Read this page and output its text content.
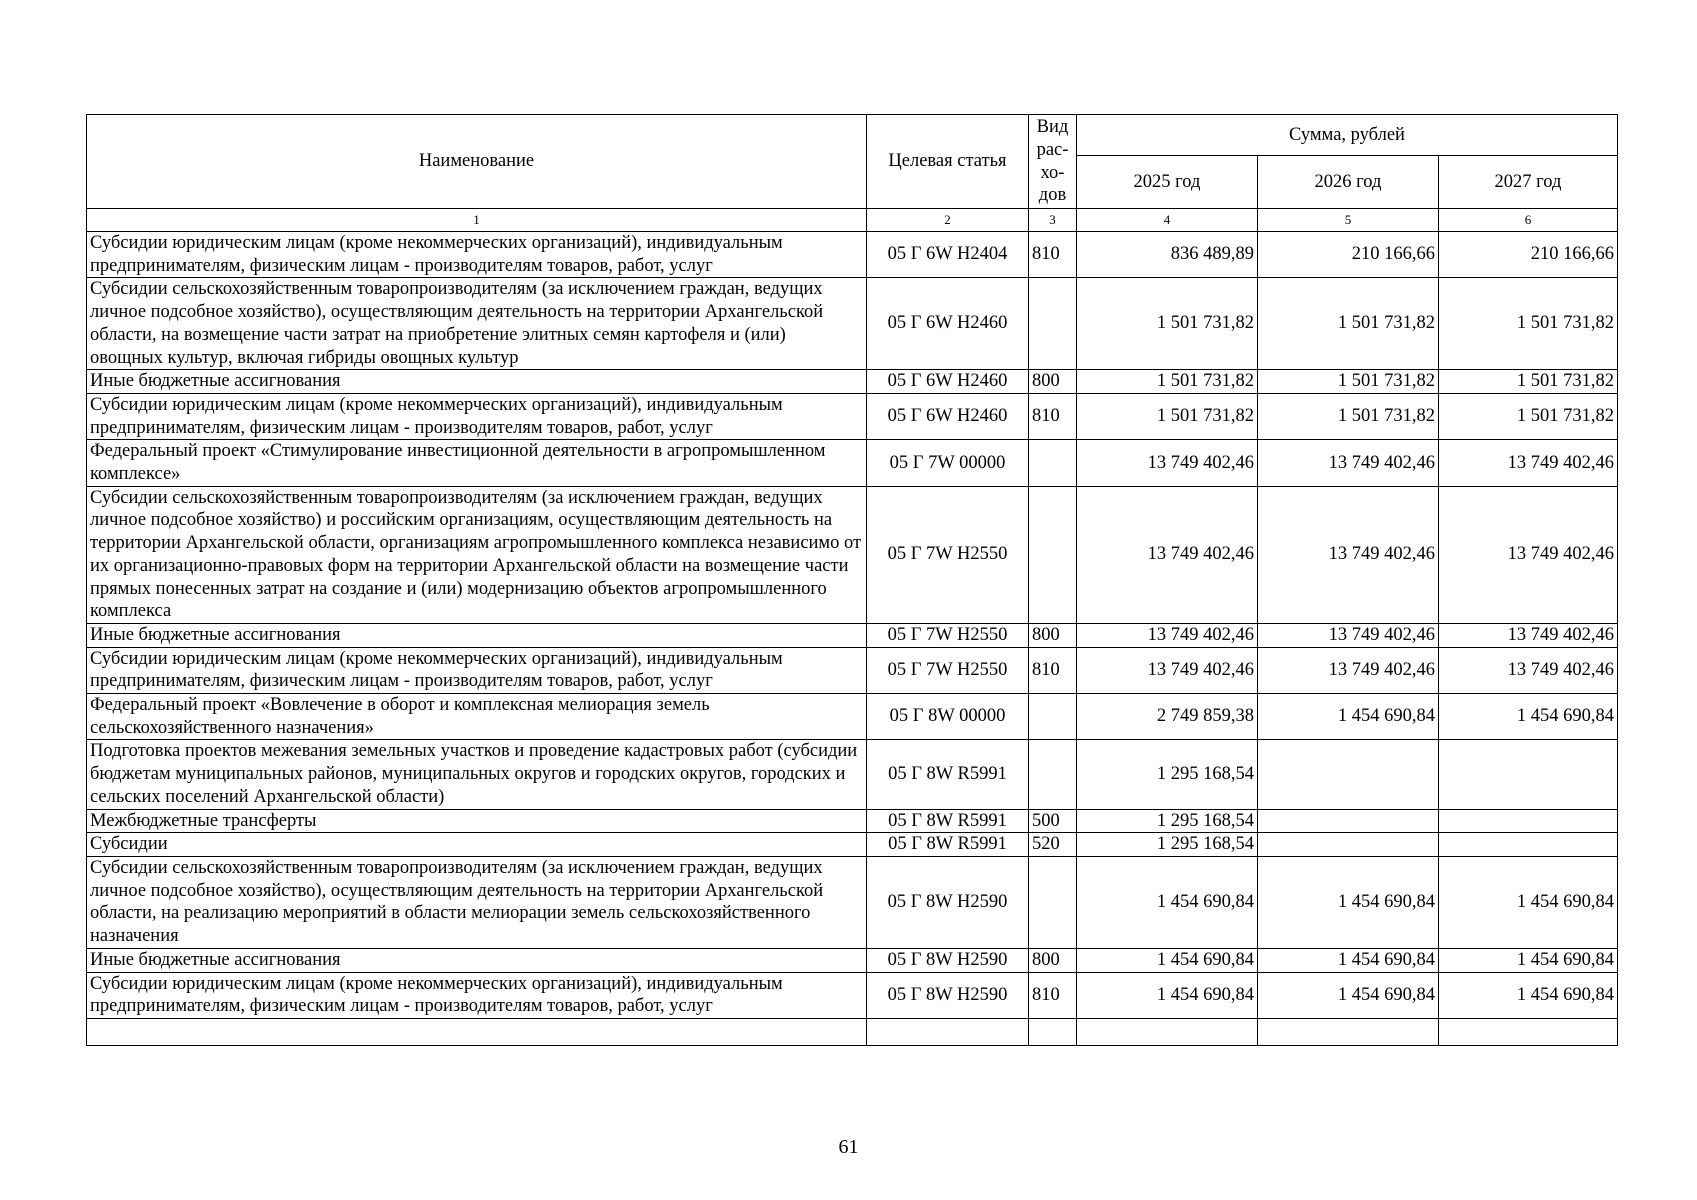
Наименование	Целевая статья	Вид рас-хо-дов	Сумма, рублей		
			2025 год	2026 год	2027 год
1	2	3	4	5	6
Субсидии юридическим лицам (кроме некоммерческих организаций), индивидуальным предпринимателям, физическим лицам - производителям товаров, работ, услуг	05 Г 6W Н2404	810	836 489,89	210 166,66	210 166,66
Субсидии сельскохозяйственным товаропроизводителям (за исключением граждан, ведущих личное подсобное хозяйство), осуществляющим деятельность на территории Архангельской области, на возмещение части затрат на приобретение элитных семян картофеля и (или) овощных культур, включая гибриды овощных культур	05 Г 6W Н2460		1 501 731,82	1 501 731,82	1 501 731,82
Иные бюджетные ассигнования	05 Г 6W Н2460	800	1 501 731,82	1 501 731,82	1 501 731,82
Субсидии юридическим лицам (кроме некоммерческих организаций), индивидуальным предпринимателям, физическим лицам - производителям товаров, работ, услуг	05 Г 6W Н2460	810	1 501 731,82	1 501 731,82	1 501 731,82
Федеральный проект «Стимулирование инвестиционной деятельности в агропромышленном комплексе»	05 Г 7W 00000		13 749 402,46	13 749 402,46	13 749 402,46
Субсидии сельскохозяйственным товаропроизводителям (за исключением граждан, ведущих личное подсобное хозяйство) и российским организациям, осуществляющим деятельность на территории Архангельской области, организациям агропромышленного комплекса независимо от их организационно-правовых форм на территории Архангельской области на возмещение части прямых понесенных затрат на создание и (или) модернизацию объектов агропромышленного комплекса	05 Г 7W Н2550		13 749 402,46	13 749 402,46	13 749 402,46
Иные бюджетные ассигнования	05 Г 7W Н2550	800	13 749 402,46	13 749 402,46	13 749 402,46
Субсидии юридическим лицам (кроме некоммерческих организаций), индивидуальным предпринимателям, физическим лицам - производителям товаров, работ, услуг	05 Г 7W Н2550	810	13 749 402,46	13 749 402,46	13 749 402,46
Федеральный проект «Вовлечение в оборот и комплексная мелиорация земель сельскохозяйственного назначения»	05 Г 8W 00000		2 749 859,38	1 454 690,84	1 454 690,84
Подготовка проектов межевания земельных участков и проведение кадастровых работ (субсидии бюджетам муниципальных районов, муниципальных округов и городских округов, городских и сельских поселений Архангельской области)	05 Г 8W R5991		1 295 168,54		
Межбюджетные трансферты	05 Г 8W R5991	500	1 295 168,54		
Субсидии	05 Г 8W R5991	520	1 295 168,54		
Субсидии сельскохозяйственным товаропроизводителям (за исключением граждан, ведущих личное подсобное хозяйство), осуществляющим деятельность на территории Архангельской области, на реализацию мероприятий в области мелиорации земель сельскохозяйственного назначения	05 Г 8W Н2590		1 454 690,84	1 454 690,84	1 454 690,84
Иные бюджетные ассигнования	05 Г 8W Н2590	800	1 454 690,84	1 454 690,84	1 454 690,84
Субсидии юридическим лицам (кроме некоммерческих организаций), индивидуальным предпринимателям, физическим лицам - производителям товаров, работ, услуг	05 Г 8W Н2590	810	1 454 690,84	1 454 690,84	1 454 690,84

61
